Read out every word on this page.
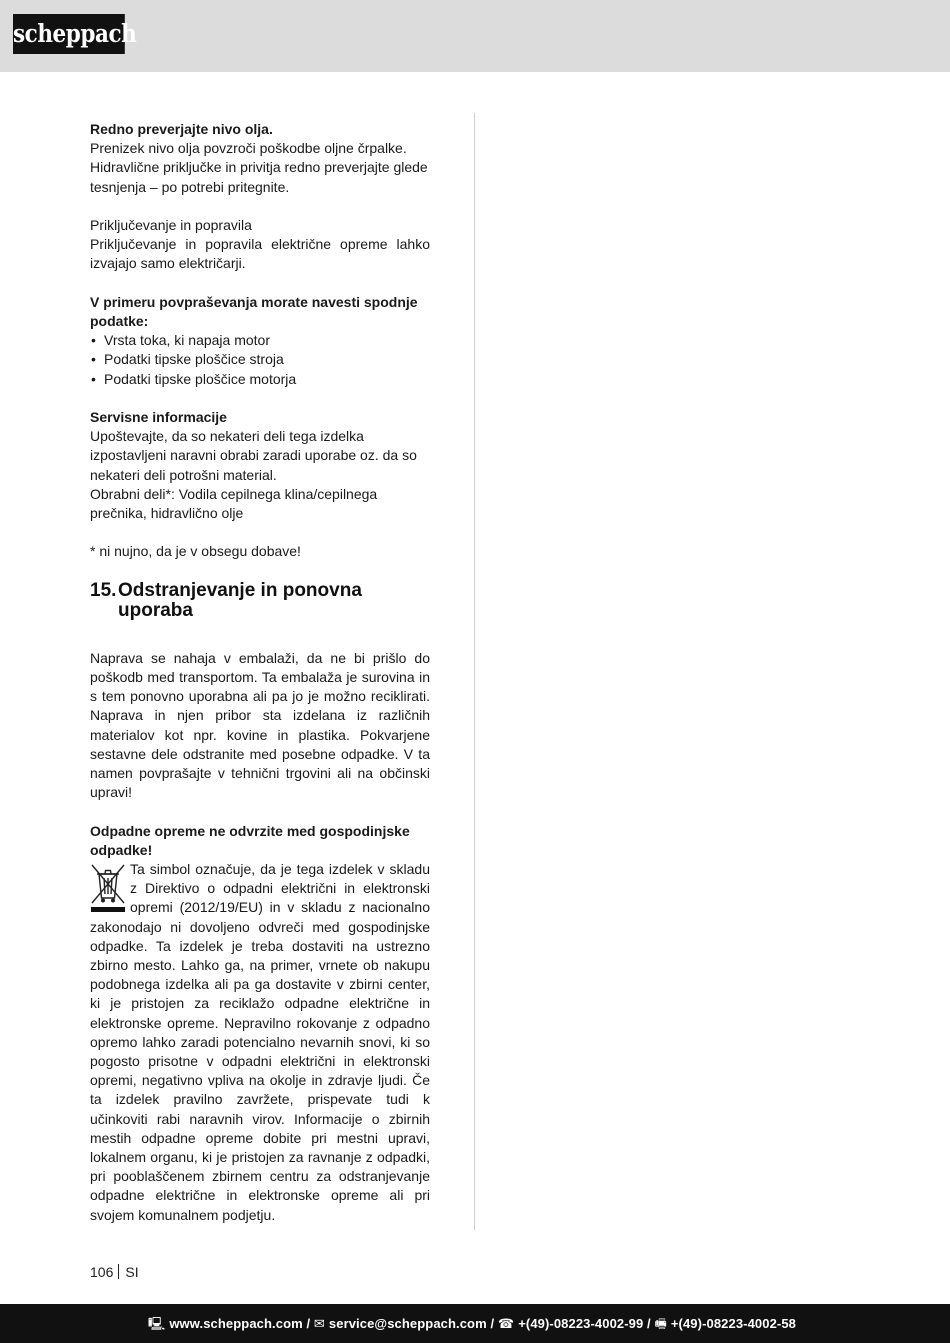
scheppach

Redno preverjajte nivo olja.

Prenizek nivo olja povzroči poškodbe oljne črpalke. Hidravlične priključke in privitja redno preverjajte glede tesnjenja – po potrebi pritegnite.

Priključevanje in popravila

Priključevanje in popravila električne opreme lahko izvajajo samo električarji.

V primeru povpraševanja morate navesti spodnje podatke:

• Vrsta toka, ki napaja motor
• Podatki tipske ploščice stroja
• Podatki tipske ploščice motorja

Servisne informacije

Upoštevajte, da so nekateri deli tega izdelka izpostavljeni naravni obrabi zaradi uporabe oz. da so nekateri deli potrošni material.

Obrabni deli*: Vodila cepilnega klina/cepilnega prečnika, hidravlično olje

* ni nujno, da je v obsegu dobave!

15. Odstranjevanje in ponovna uporaba

Naprava se nahaja v embalaži, da ne bi prišlo do poškodb med transportom. Ta embalaža je surovina in s tem ponovno uporabna ali pa jo je možno reciklirati. Naprava in njen pribor sta izdelana iz različnih materialov kot npr. kovine in plastika. Pokvarjene sestavne dele odstranite med posebne odpadke. V ta namen povprašajte v tehnični trgovini ali na občinski upravi!

Odpadne opreme ne odvrzite med gospodinjske odpadke!

Ta simbol označuje, da je tega izdelek v skladu z Direktivo o odpadni električni in elektronski opremi (2012/19/EU) in v skladu z nacionalno zakonodajo ni dovoljeno odvreči med gospodinjske odpadke. Ta izdelek je treba dostaviti na ustrezno zbirno mesto. Lahko ga, na primer, vrnete ob nakupu podobnega izdelka ali pa ga dostavite v zbirni center, ki je pristojen za reciklažo odpadne električne in elektronske opreme. Nepravilno rokovanje z odpadno opremo lahko zaradi potencialno nevarnih snovi, ki so pogosto prisotne v odpadni električni in elektronski opremi, negativno vpliva na okolje in zdravje ljudi. Če ta izdelek pravilno zavržete, prispevate tudi k učinkoviti rabi naravnih virov. Informacije o zbirnih mestih odpadne opreme dobite pri mestni upravi, lokalnem organu, ki je pristojen za ravnanje z odpadki, pri pooblaščenem zbirnem centru za odstranjevanje odpadne električne in elektronske opreme ali pri svojem komunalnem podjetju.

106 SI
🖳 www.scheppach.com / ✉ service@scheppach.com / ☎ +(49)-08223-4002-99 / 🖷 +(49)-08223-4002-58
